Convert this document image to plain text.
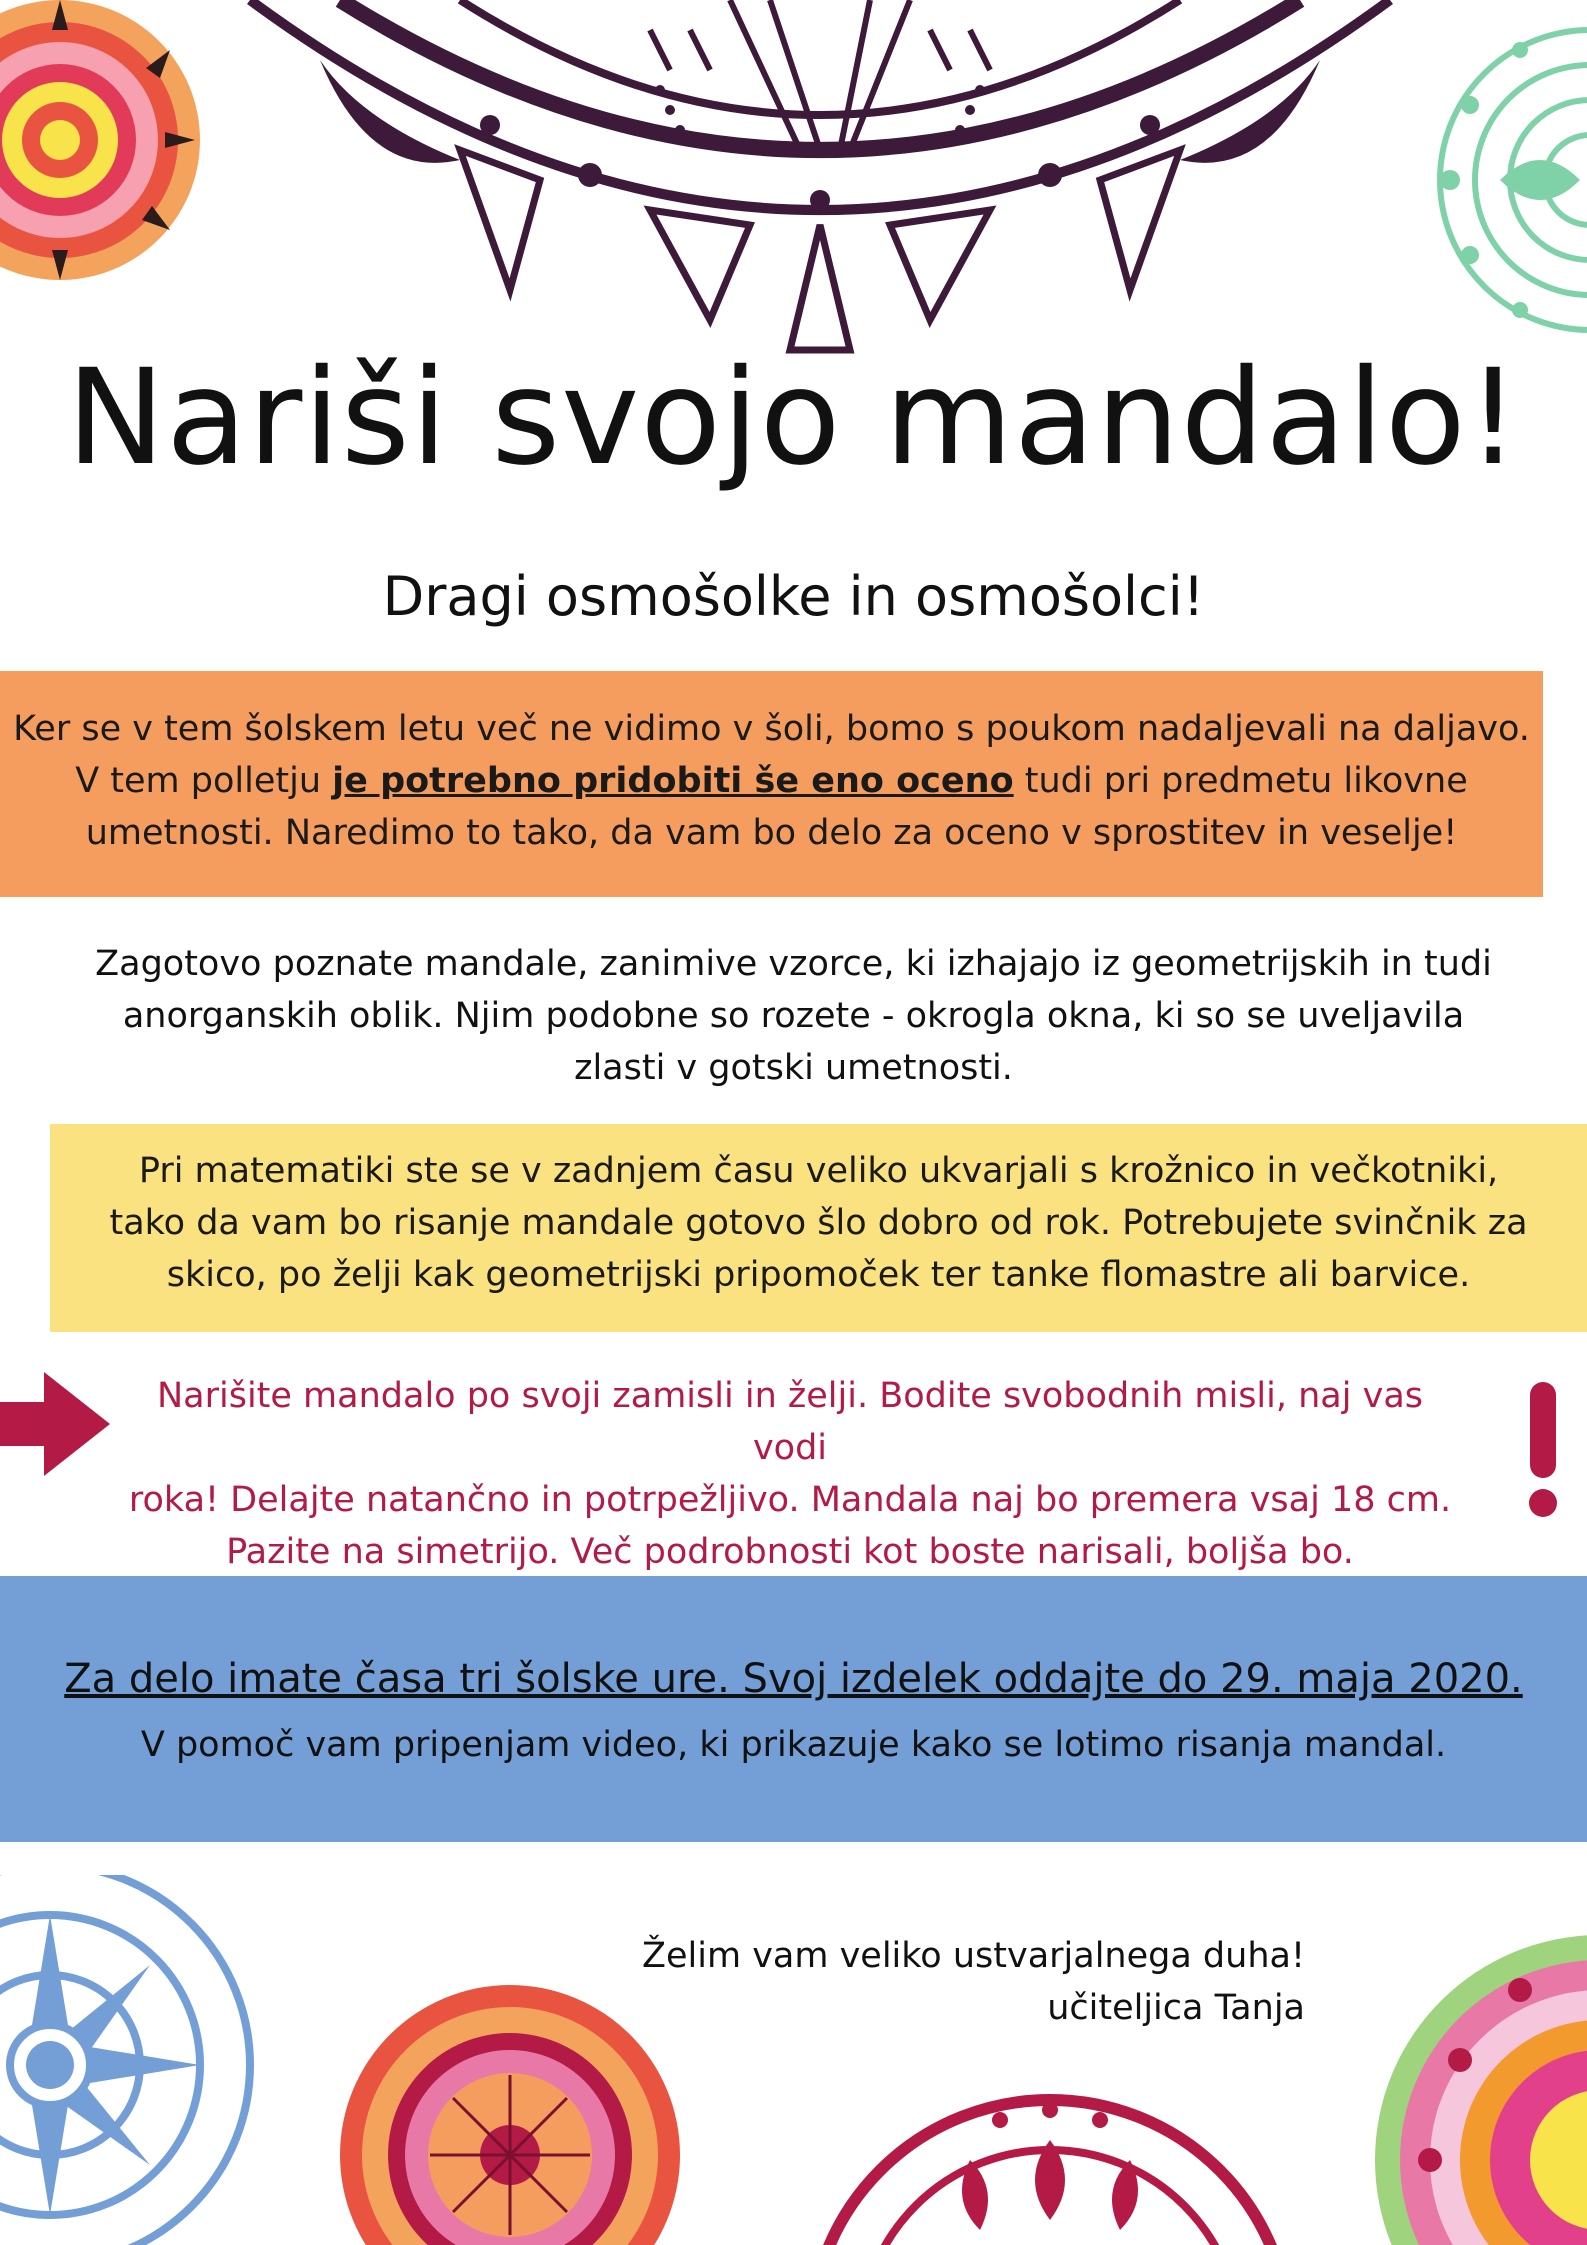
Nariši svojo mandalo!
Dragi osmošolke in osmošolci!

Ker se v tem šolskem letu več ne vidimo v šoli, bomo s poukom nadaljevali na daljavo.

V tem polletju je potrebno pridobiti še eno oceno tudi pri predmetu likovne

umetnosti. Naredimo to tako, da vam bo delo za oceno v sprostitev in veselje!

Zagotovo poznate mandale, zanimive vzorce, ki izhajajo iz geometrijskih in tudi

anorganskih oblik. Njim podobne so rozete - okrogla okna, ki so se uveljavila

zlasti v gotski umetnosti.

Pri matematiki ste se v zadnjem času veliko ukvarjali s krožnico in večkotniki,

tako da vam bo risanje mandale gotovo šlo dobro od rok. Potrebujete svinčnik za

skico, po želji kak geometrijski pripomoček ter tanke flomastre ali barvice.

Narišite mandalo po svoji zamisli in želji. Bodite svobodnih misli, naj vas vodi

roka! Delajte natančno in potrpežljivo. Mandala naj bo premera vsaj 18 cm.

Pazite na simetrijo. Več podrobnosti kot boste narisali, boljša bo.

Za delo imate časa tri šolske ure. Svoj izdelek oddajte do 29. maja 2020.

V pomoč vam pripenjam video, ki prikazuje kako se lotimo risanja mandal.

Želim vam veliko ustvarjalnega duha!
učiteljica Tanja
